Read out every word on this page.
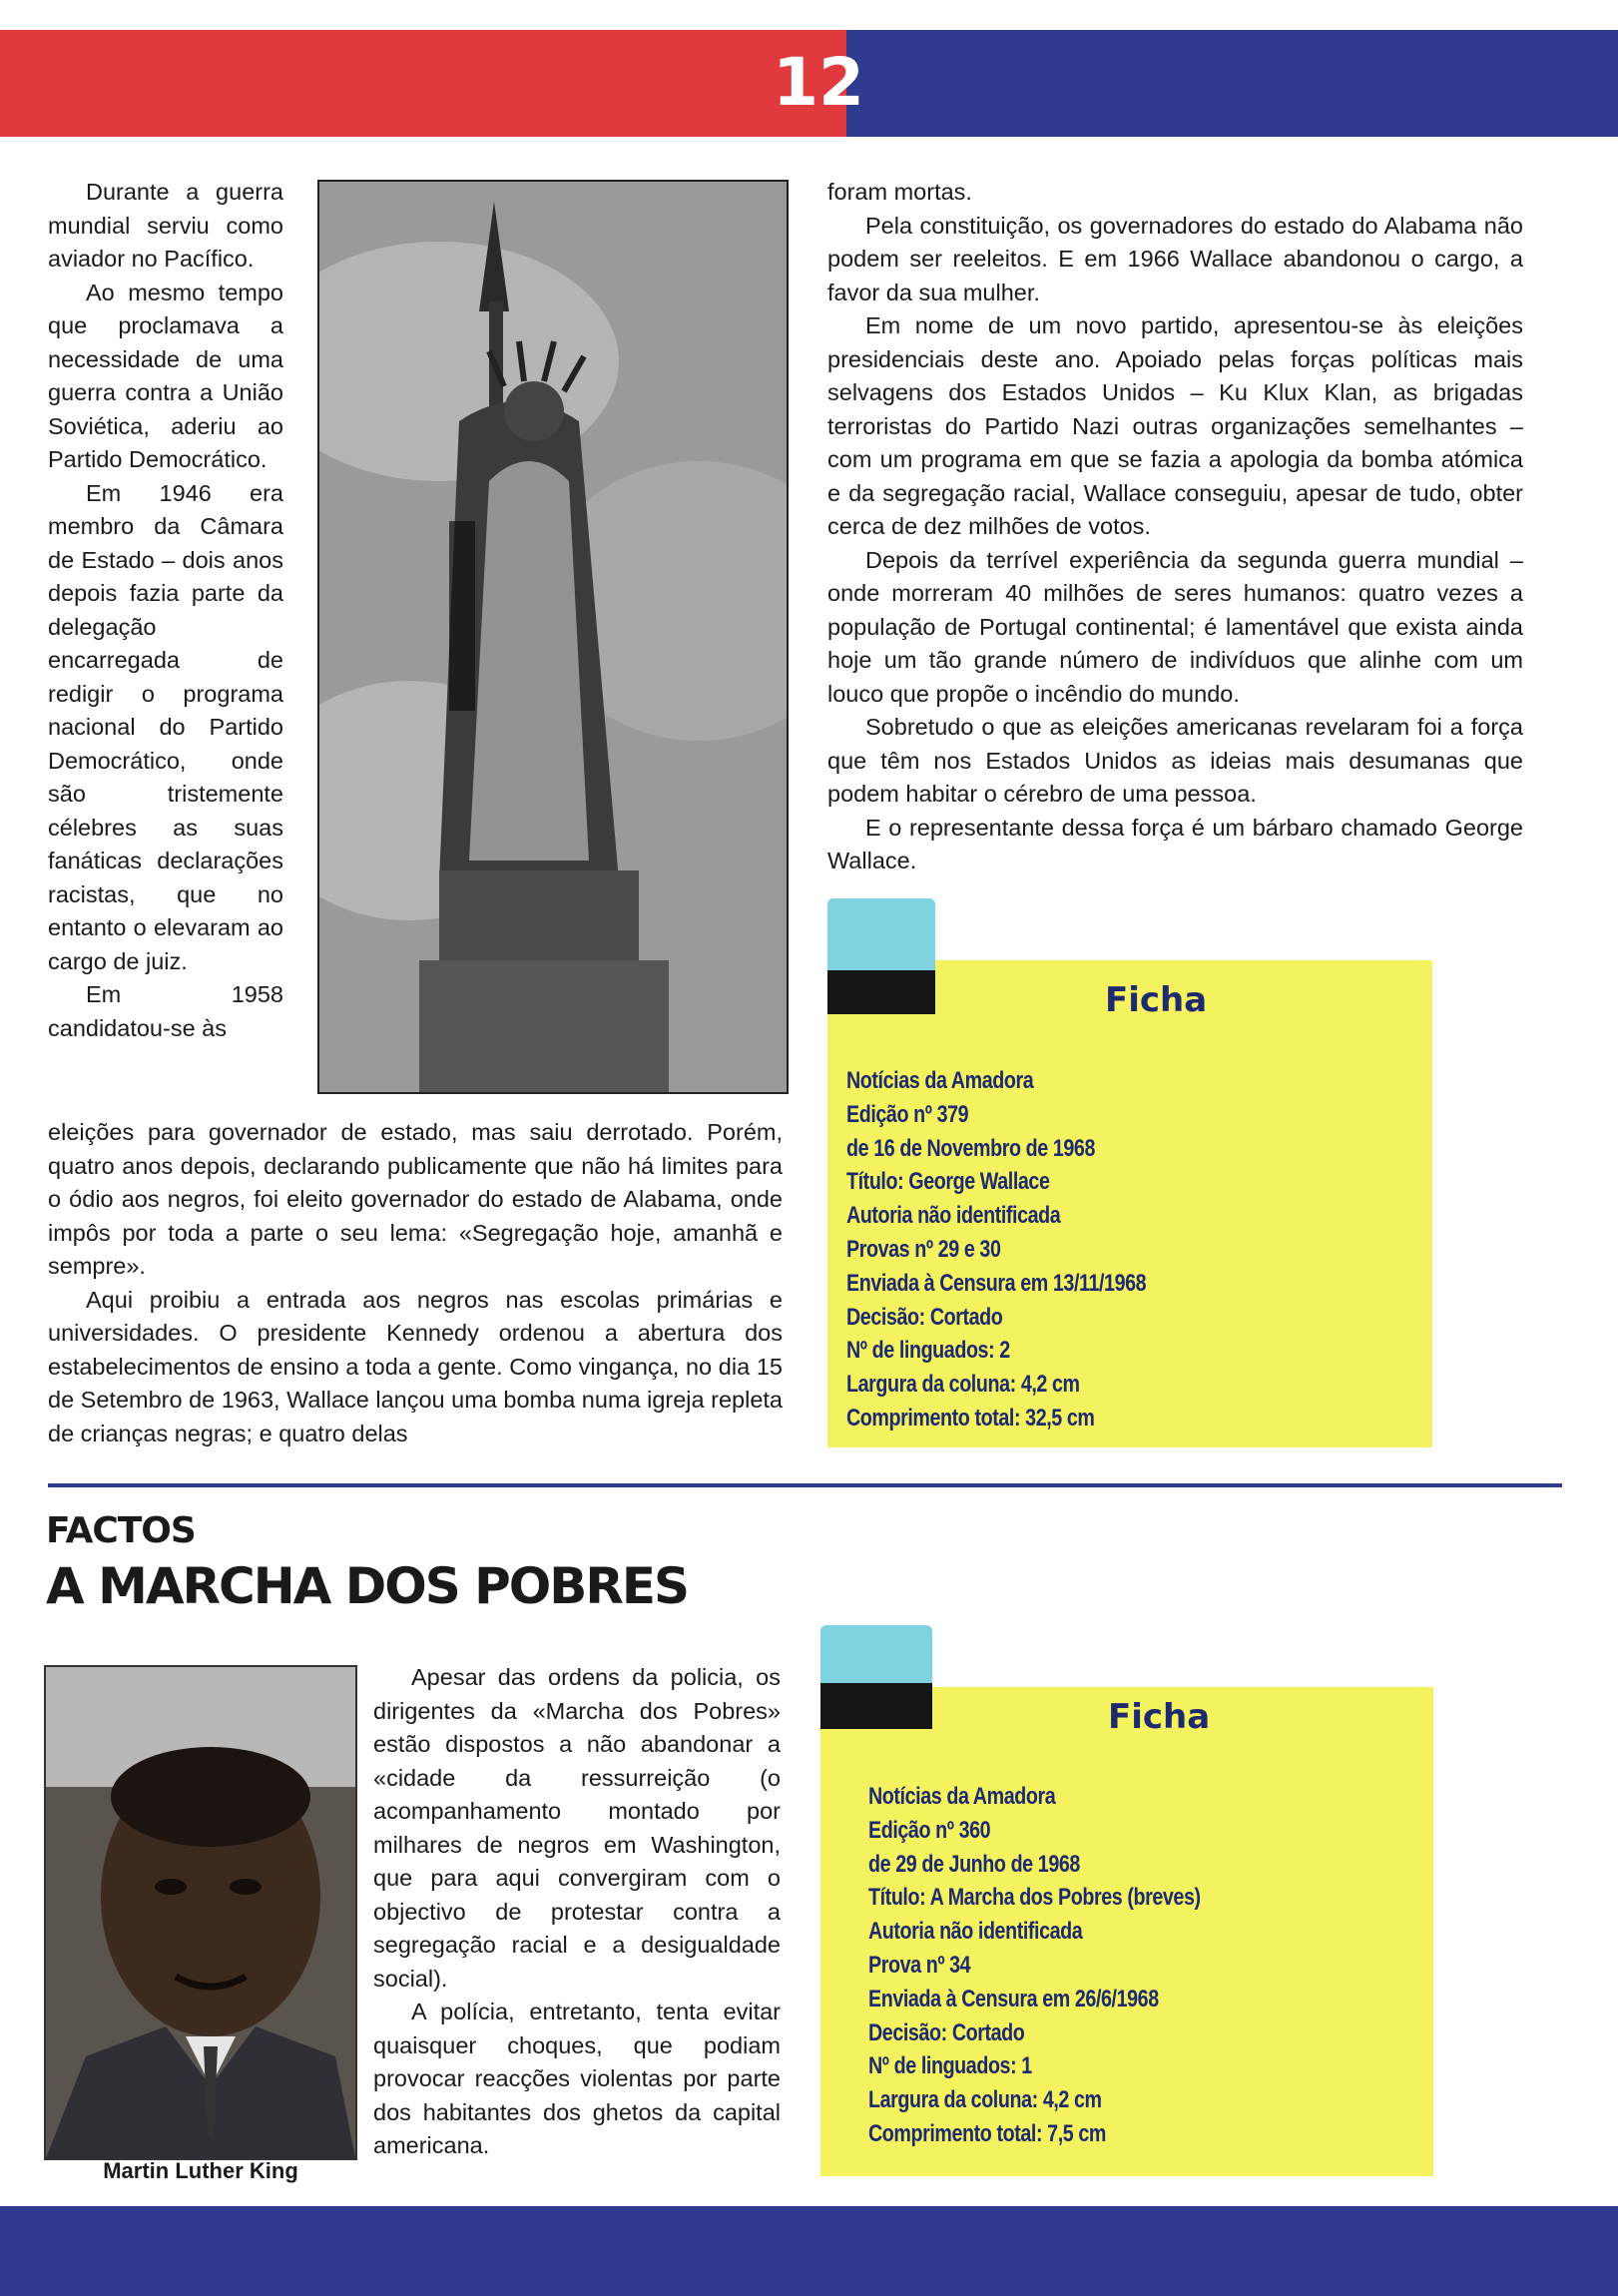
12

Durante a guerra mundial serviu como aviador no Pacífico.

Ao mesmo tempo que proclamava a necessidade de uma guerra contra a União Soviética, aderiu ao Partido Democrático.

Em 1946 era membro da Câmara de Estado – dois anos depois fazia parte da delegação encarregada de redigir o programa nacional do Partido Democrático, onde são tristemente célebres as suas fanáticas declarações racistas, que no entanto o elevaram ao cargo de juiz.

Em 1958 candidatou-se às

eleições para governador de estado, mas saiu derrotado. Porém, quatro anos depois, declarando publicamente que não há limites para o ódio aos negros, foi eleito governador do estado de Alabama, onde impôs por toda a parte o seu lema: «Segregação hoje, amanhã e sempre».

Aqui proibiu a entrada aos negros nas escolas primárias e universidades. O presidente Kennedy ordenou a abertura dos estabelecimentos de ensino a toda a gente. Como vingança, no dia 15 de Setembro de 1963, Wallace lançou uma bomba numa igreja repleta de crianças negras; e quatro delas

foram mortas.

Pela constituição, os governadores do estado do Alabama não podem ser reeleitos. E em 1966 Wallace abandonou o cargo, a favor da sua mulher.

Em nome de um novo partido, apresentou-se às eleições presidenciais deste ano. Apoiado pelas forças políticas mais selvagens dos Estados Unidos – Ku Klux Klan, as brigadas terroristas do Partido Nazi outras organizações semelhantes – com um programa em que se fazia a apologia da bomba atómica e da segregação racial, Wallace conseguiu, apesar de tudo, obter cerca de dez milhões de votos.

Depois da terrível experiência da segunda guerra mundial – onde morreram 40 milhões de seres humanos: quatro vezes a população de Portugal continental; é lamentável que exista ainda hoje um tão grande número de indivíduos que alinhe com um louco que propõe o incêndio do mundo.

Sobretudo o que as eleições americanas revelaram foi a força que têm nos Estados Unidos as ideias mais desumanas que podem habitar o cérebro de uma pessoa.

E o representante dessa força é um bárbaro chamado George Wallace.

Ficha
Notícias da Amadora
Edição nº 379
de 16 de Novembro de 1968
Título: George Wallace
Autoria não identificada
Provas nº 29 e 30
Enviada à Censura em 13/11/1968
Decisão: Cortado
Nº de linguados: 2
Largura da coluna: 4,2 cm
Comprimento total: 32,5 cm
FACTOS
A MARCHA DOS POBRES
Martin Luther King

Apesar das ordens da policia, os dirigentes da «Marcha dos Pobres» estão dispostos a não abandonar a «cidade da ressurreição (o acompanhamento montado por milhares de negros em Washington, que para aqui convergiram com o objectivo de protestar contra a segregação racial e a desigualdade social).

A polícia, entretanto, tenta evitar quaisquer choques, que podiam provocar reacções violentas por parte dos habitantes dos ghetos da capital americana.

Ficha
Notícias da Amadora
Edição nº 360
de 29 de Junho de 1968
Título: A Marcha dos Pobres (breves)
Autoria não identificada
Prova nº 34
Enviada à Censura em 26/6/1968
Decisão: Cortado
Nº de linguados: 1
Largura da coluna: 4,2 cm
Comprimento total: 7,5 cm
